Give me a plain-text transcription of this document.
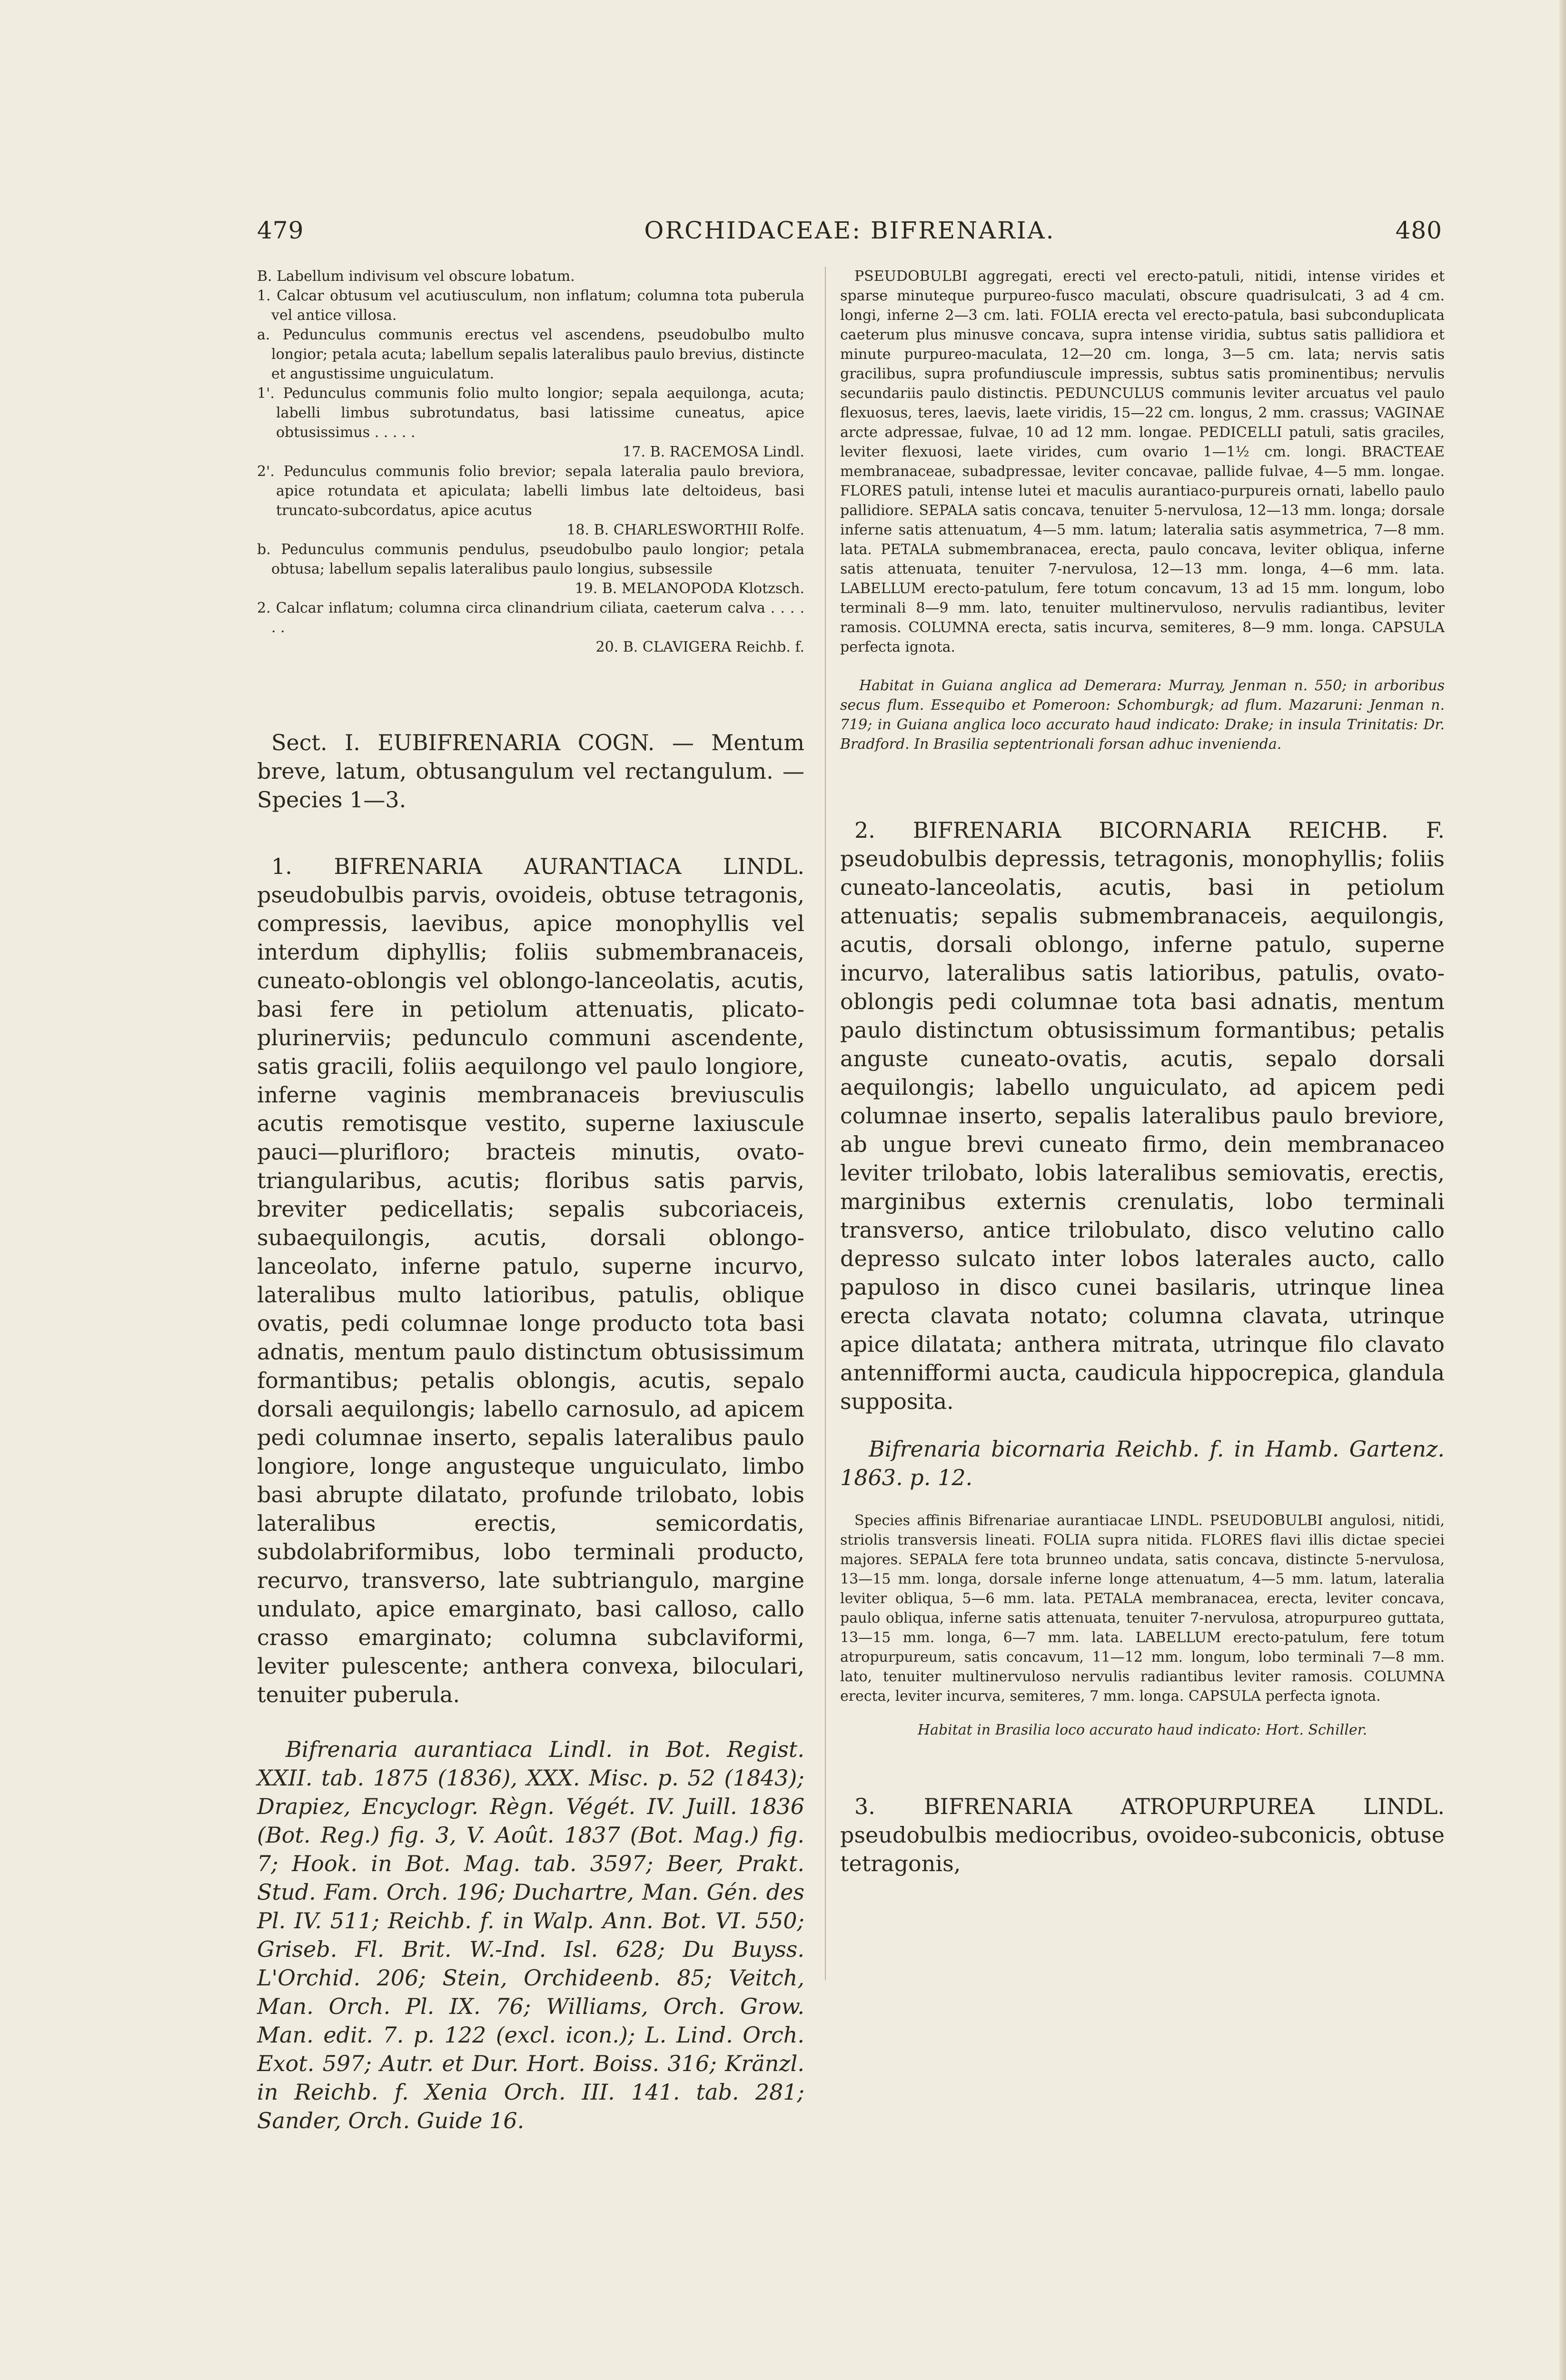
479	ORCHIDACEAE: BIFRENARIA.	480

B. Labellum indivisum vel obscure lobatum.

1. Calcar obtusum vel acutiusculum, non inflatum; columna tota puberula vel antice villosa.

a. Pedunculus communis erectus vel ascendens, pseudobulbo multo longior; petala acuta; labellum sepalis lateralibus paulo brevius, distincte et angustissime unguiculatum.

1'. Pedunculus communis folio multo longior; sepala aequilonga, acuta; labelli limbus subrotundatus, basi latissime cuneatus, apice obtusissimus . . . . .

17. B. RACEMOSA Lindl.

2'. Pedunculus communis folio brevior; sepala lateralia paulo breviora, apice rotundata et apiculata; labelli limbus late deltoideus, basi truncato-subcordatus, apice acutus

18. B. CHARLESWORTHII Rolfe.

b. Pedunculus communis pendulus, pseudobulbo paulo longior; petala obtusa; labellum sepalis lateralibus paulo longius, subsessile

19. B. MELANOPODA Klotzsch.

2. Calcar inflatum; columna circa clinandrium ciliata, caeterum calva . . . . . .

20. B. CLAVIGERA Reichb. f.

Sect. I. EUBIFRENARIA COGN. — Mentum breve, latum, obtusangulum vel rectangulum. — Species 1—3.

1. BIFRENARIA AURANTIACA LINDL. pseudobulbis parvis, ovoideis, obtuse tetragonis, compressis, laevibus, apice monophyllis vel interdum diphyllis; foliis submembranaceis, cuneato-oblongis vel oblongo-lanceolatis, acutis, basi fere in petiolum attenuatis, plicato-plurinerviis; pedunculo communi ascendente, satis gracili, foliis aequilongo vel paulo longiore, inferne vaginis membranaceis breviusculis acutis remotisque vestito, superne laxiuscule pauci—plurifloro; bracteis minutis, ovato-triangularibus, acutis; floribus satis parvis, breviter pedicellatis; sepalis subcoriaceis, subaequilongis, acutis, dorsali oblongo-lanceolato, inferne patulo, superne incurvo, lateralibus multo latioribus, patulis, oblique ovatis, pedi columnae longe producto tota basi adnatis, mentum paulo distinctum obtusissimum formantibus; petalis oblongis, acutis, sepalo dorsali aequilongis; labello carnosulo, ad apicem pedi columnae inserto, sepalis lateralibus paulo longiore, longe angusteque unguiculato, limbo basi abrupte dilatato, profunde trilobato, lobis lateralibus erectis, semicordatis, subdolabriformibus, lobo terminali producto, recurvo, transverso, late subtriangulo, margine undulato, apice emarginato, basi calloso, callo crasso emarginato; columna subclaviformi, leviter pulescente; anthera convexa, biloculari, tenuiter puberula.

Bifrenaria aurantiaca Lindl. in Bot. Regist. XXII. tab. 1875 (1836), XXX. Misc. p. 52 (1843); Drapiez, Encyclogr. Règn. Végét. IV. Juill. 1836 (Bot. Reg.) fig. 3, V. Août. 1837 (Bot. Mag.) fig. 7; Hook. in Bot. Mag. tab. 3597; Beer, Prakt. Stud. Fam. Orch. 196; Duchartre, Man. Gén. des Pl. IV. 511; Reichb. f. in Walp. Ann. Bot. VI. 550; Griseb. Fl. Brit. W.-Ind. Isl. 628; Du Buyss. L'Orchid. 206; Stein, Orchideenb. 85; Veitch, Man. Orch. Pl. IX. 76; Williams, Orch. Grow. Man. edit. 7. p. 122 (excl. icon.); L. Lind. Orch. Exot. 597; Autr. et Dur. Hort. Boiss. 316; Kränzl. in Reichb. f. Xenia Orch. III. 141. tab. 281; Sander, Orch. Guide 16.

PSEUDOBULBI aggregati, erecti vel erecto-patuli, nitidi, intense virides et sparse minuteque purpureo-fusco maculati, obscure quadrisulcati, 3 ad 4 cm. longi, inferne 2—3 cm. lati. FOLIA erecta vel erecto-patula, basi subconduplicata caeterum plus minusve concava, supra intense viridia, subtus satis pallidiora et minute purpureo-maculata, 12—20 cm. longa, 3—5 cm. lata; nervis satis gracilibus, supra profundiuscule impressis, subtus satis prominentibus; nervulis secundariis paulo distinctis. PEDUNCULUS communis leviter arcuatus vel paulo flexuosus, teres, laevis, laete viridis, 15—22 cm. longus, 2 mm. crassus; VAGINAE arcte adpressae, fulvae, 10 ad 12 mm. longae. PEDICELLI patuli, satis graciles, leviter flexuosi, laete virides, cum ovario 1—1½ cm. longi. BRACTEAE membranaceae, subadpressae, leviter concavae, pallide fulvae, 4—5 mm. longae. FLORES patuli, intense lutei et maculis aurantiaco-purpureis ornati, labello paulo pallidiore. SEPALA satis concava, tenuiter 5-nervulosa, 12—13 mm. longa; dorsale inferne satis attenuatum, 4—5 mm. latum; lateralia satis asymmetrica, 7—8 mm. lata. PETALA submembranacea, erecta, paulo concava, leviter obliqua, inferne satis attenuata, tenuiter 7-nervulosa, 12—13 mm. longa, 4—6 mm. lata. LABELLUM erecto-patulum, fere totum concavum, 13 ad 15 mm. longum, lobo terminali 8—9 mm. lato, tenuiter multinervuloso, nervulis radiantibus, leviter ramosis. COLUMNA erecta, satis incurva, semiteres, 8—9 mm. longa. CAPSULA perfecta ignota.

Habitat in Guiana anglica ad Demerara: Murray, Jenman n. 550; in arboribus secus flum. Essequibo et Pomeroon: Schomburgk; ad flum. Mazaruni: Jenman n. 719; in Guiana anglica loco accurato haud indicato: Drake; in insula Trinitatis: Dr. Bradford. In Brasilia septentrionali forsan adhuc invenienda.

2. BIFRENARIA BICORNARIA REICHB. F. pseudobulbis depressis, tetragonis, monophyllis; foliis cuneato-lanceolatis, acutis, basi in petiolum attenuatis; sepalis submembranaceis, aequilongis, acutis, dorsali oblongo, inferne patulo, superne incurvo, lateralibus satis latioribus, patulis, ovato-oblongis pedi columnae tota basi adnatis, mentum paulo distinctum obtusissimum formantibus; petalis anguste cuneato-ovatis, acutis, sepalo dorsali aequilongis; labello unguiculato, ad apicem pedi columnae inserto, sepalis lateralibus paulo breviore, ab ungue brevi cuneato firmo, dein membranaceo leviter trilobato, lobis lateralibus semiovatis, erectis, marginibus externis crenulatis, lobo terminali transverso, antice trilobulato, disco velutino callo depresso sulcato inter lobos laterales aucto, callo papuloso in disco cunei basilaris, utrinque linea erecta clavata notato; columna clavata, utrinque apice dilatata; anthera mitrata, utrinque filo clavato antennifformi aucta, caudicula hippocrepica, glandula supposita.

Bifrenaria bicornaria Reichb. f. in Hamb. Gartenz. 1863. p. 12.

Species affinis Bifrenariae aurantiacae LINDL. PSEUDOBULBI angulosi, nitidi, striolis transversis lineati. FOLIA supra nitida. FLORES flavi illis dictae speciei majores. SEPALA fere tota brunneo undata, satis concava, distincte 5-nervulosa, 13—15 mm. longa, dorsale inferne longe attenuatum, 4—5 mm. latum, lateralia leviter obliqua, 5—6 mm. lata. PETALA membranacea, erecta, leviter concava, paulo obliqua, inferne satis attenuata, tenuiter 7-nervulosa, atropurpureo guttata, 13—15 mm. longa, 6—7 mm. lata. LABELLUM erecto-patulum, fere totum atropurpureum, satis concavum, 11—12 mm. longum, lobo terminali 7—8 mm. lato, tenuiter multinervuloso nervulis radiantibus leviter ramosis. COLUMNA erecta, leviter incurva, semiteres, 7 mm. longa. CAPSULA perfecta ignota.

Habitat in Brasilia loco accurato haud indicato: Hort. Schiller.

3. BIFRENARIA ATROPURPUREA LINDL. pseudobulbis mediocribus, ovoideo-subconicis, obtuse tetragonis,
